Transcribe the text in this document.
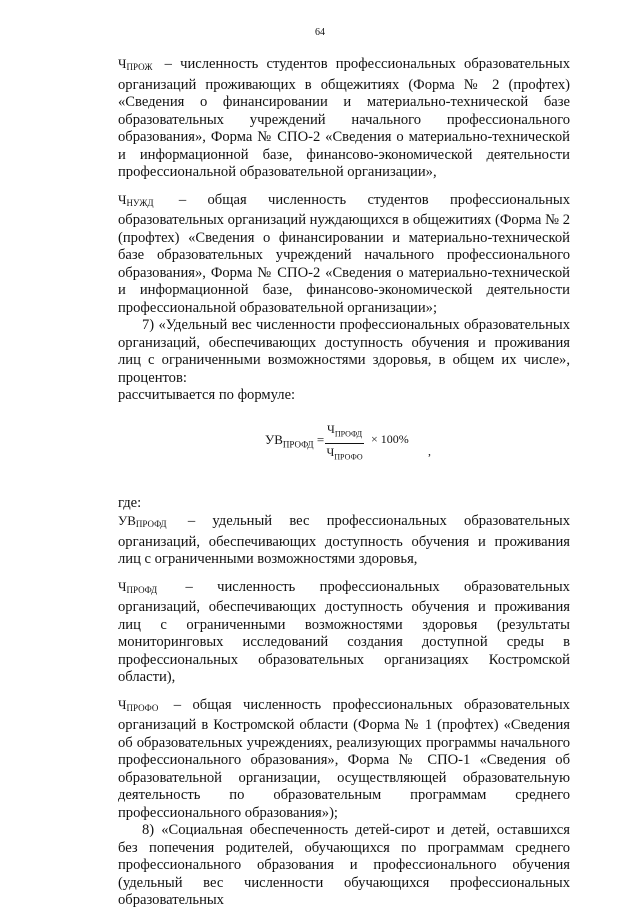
64

$Ч_{ПРОЖ}$ – численность студентов профессиональных образовательных организаций проживающих в общежитиях (Форма № 2 (профтех) «Сведения о финансировании и материально-технической базе образовательных учреждений начального профессионального образования», Форма № СПО-2 «Сведения о материально-технической и информационной базе, финансово-экономической деятельности профессиональной образовательной организации»,

$Ч_{НУЖД}$ – общая численность студентов профессиональных образовательных организаций нуждающихся в общежитиях (Форма № 2 (профтех) «Сведения о финансировании и материально-технической базе образовательных учреждений начального профессионального образования», Форма № СПО-2 «Сведения о материально-технической и информационной базе, финансово-экономической деятельности профессиональной образовательной организации»;

7) «Удельный вес численности профессиональных образовательных организаций, обеспечивающих доступность обучения и проживания лиц с ограниченными возможностями здоровья, в общем их числе», процентов:

рассчитывается по формуле:

$УВ_{ПРОФД}$ =
$Ч_{ПРОФД}$
$Ч_{ПРОФО}$
× 100%
,

где:

$УВ_{ПРОФД}$ – удельный вес профессиональных образовательных организаций, обеспечивающих доступность обучения и проживания лиц с ограниченными возможностями здоровья,

$Ч_{ПРОФД}$ – численность профессиональных образовательных организаций, обеспечивающих доступность обучения и проживания лиц с ограниченными возможностями здоровья (результаты мониторинговых исследований создания доступной среды в профессиональных образовательных организациях Костромской области),

$Ч_{ПРОФО}$ – общая численность профессиональных образовательных организаций в Костромской области (Форма № 1 (профтех) «Сведения об образовательных учреждениях, реализующих программы начального профессионального образования», Форма № СПО-1 «Сведения об образовательной организации, осуществляющей образовательную деятельность по образовательным программам среднего профессионального образования»);

8) «Социальная обеспеченность детей-сирот и детей, оставшихся без попечения родителей, обучающихся по программам среднего профессионального образования и профессионального обучения (удельный вес численности обучающихся профессиональных образовательных
